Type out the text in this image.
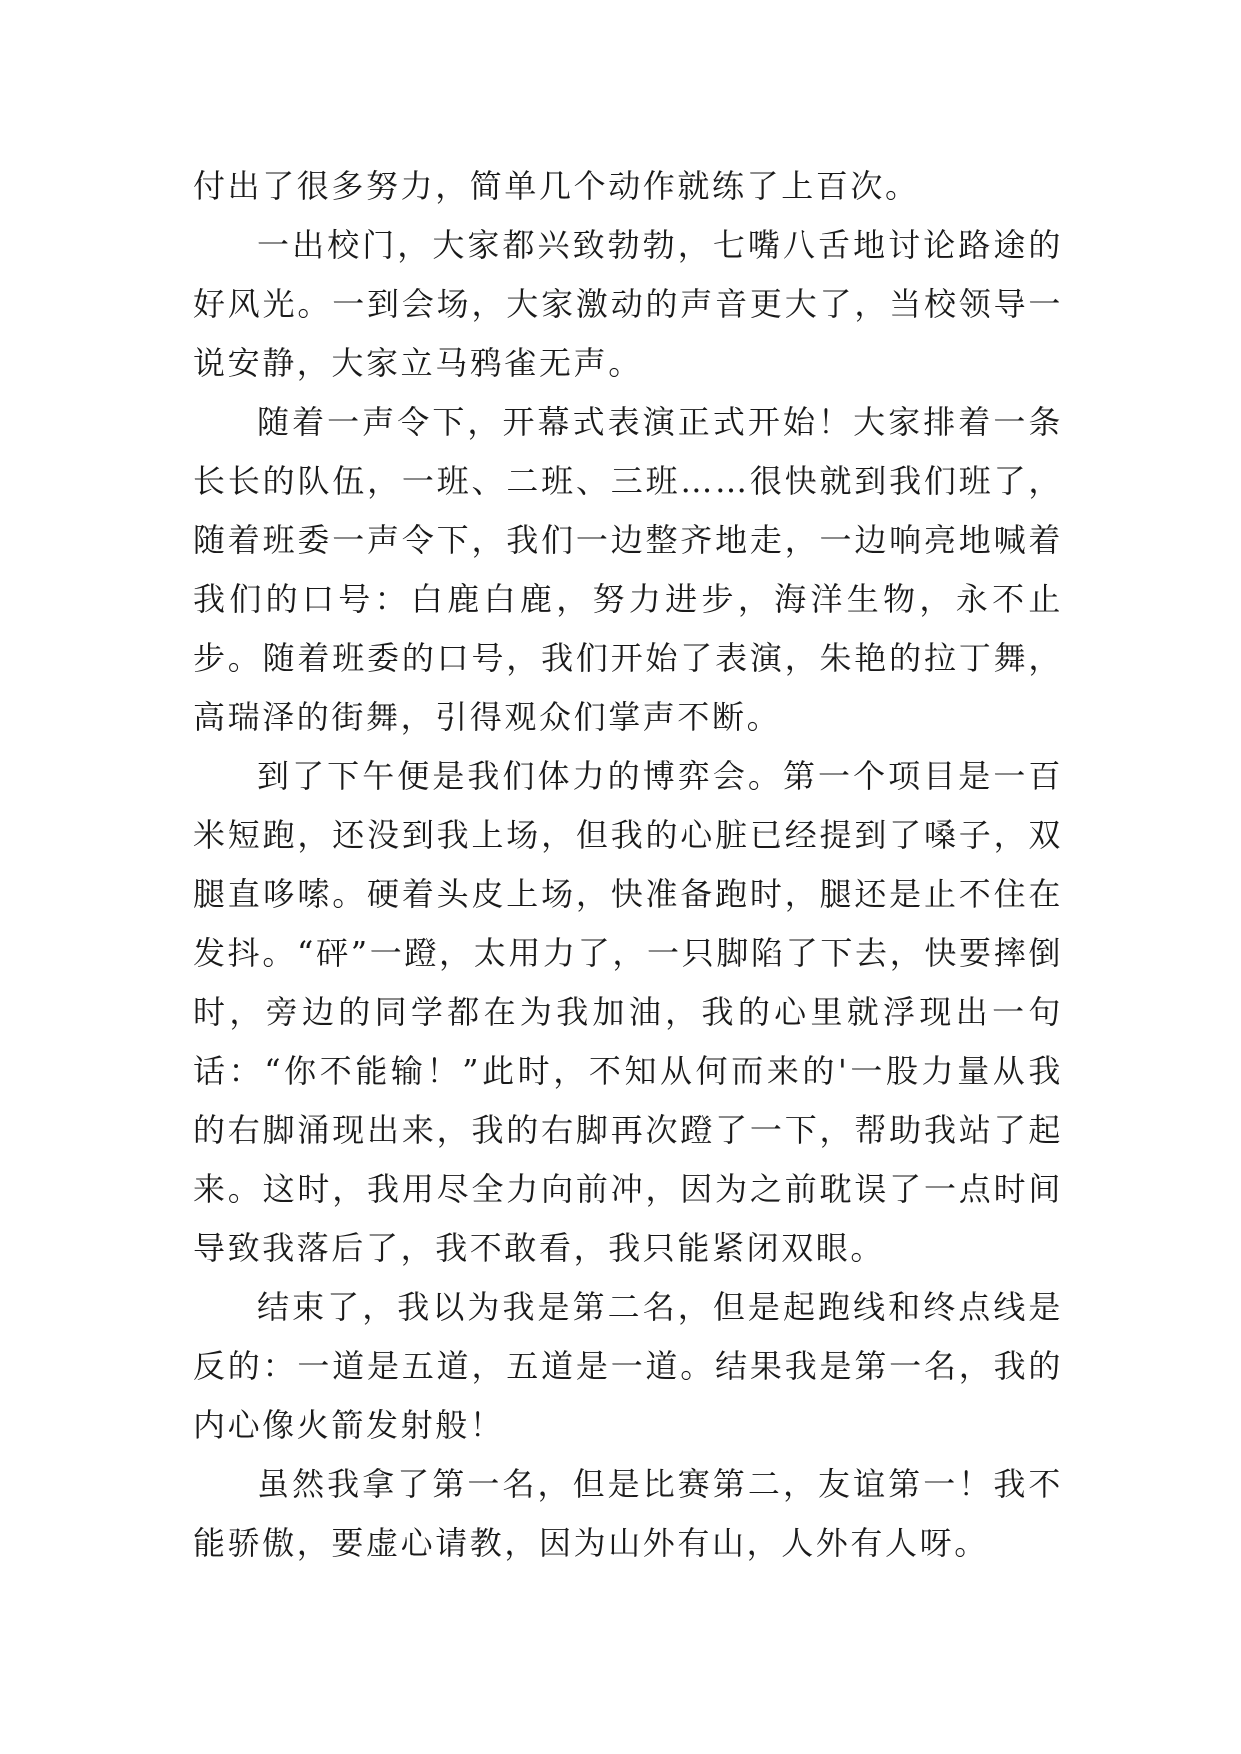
付出了很多努力，简单几个动作就练了上百次。

一出校门，大家都兴致勃勃，七嘴八舌地讨论路途的好风光。一到会场，大家激动的声音更大了，当校领导一说安静，大家立马鸦雀无声。

随着一声令下，开幕式表演正式开始！大家排着一条长长的队伍，一班、二班、三班……很快就到我们班了，随着班委一声令下，我们一边整齐地走，一边响亮地喊着我们的口号：白鹿白鹿，努力进步，海洋生物，永不止步。随着班委的口号，我们开始了表演，朱艳的拉丁舞，高瑞泽的街舞，引得观众们掌声不断。

到了下午便是我们体力的博弈会。第一个项目是一百米短跑，还没到我上场，但我的心脏已经提到了嗓子，双腿直哆嗦。硬着头皮上场，快准备跑时，腿还是止不住在发抖。“砰”一蹬，太用力了，一只脚陷了下去，快要摔倒时，旁边的同学都在为我加油，我的心里就浮现出一句话：“你不能输！”此时，不知从何而来的'一股力量从我的右脚涌现出来，我的右脚再次蹬了一下，帮助我站了起来。这时，我用尽全力向前冲，因为之前耽误了一点时间导致我落后了，我不敢看，我只能紧闭双眼。

结束了，我以为我是第二名，但是起跑线和终点线是反的：一道是五道，五道是一道。结果我是第一名，我的内心像火箭发射般！

虽然我拿了第一名，但是比赛第二，友谊第一！我不能骄傲，要虚心请教，因为山外有山，人外有人呀。
